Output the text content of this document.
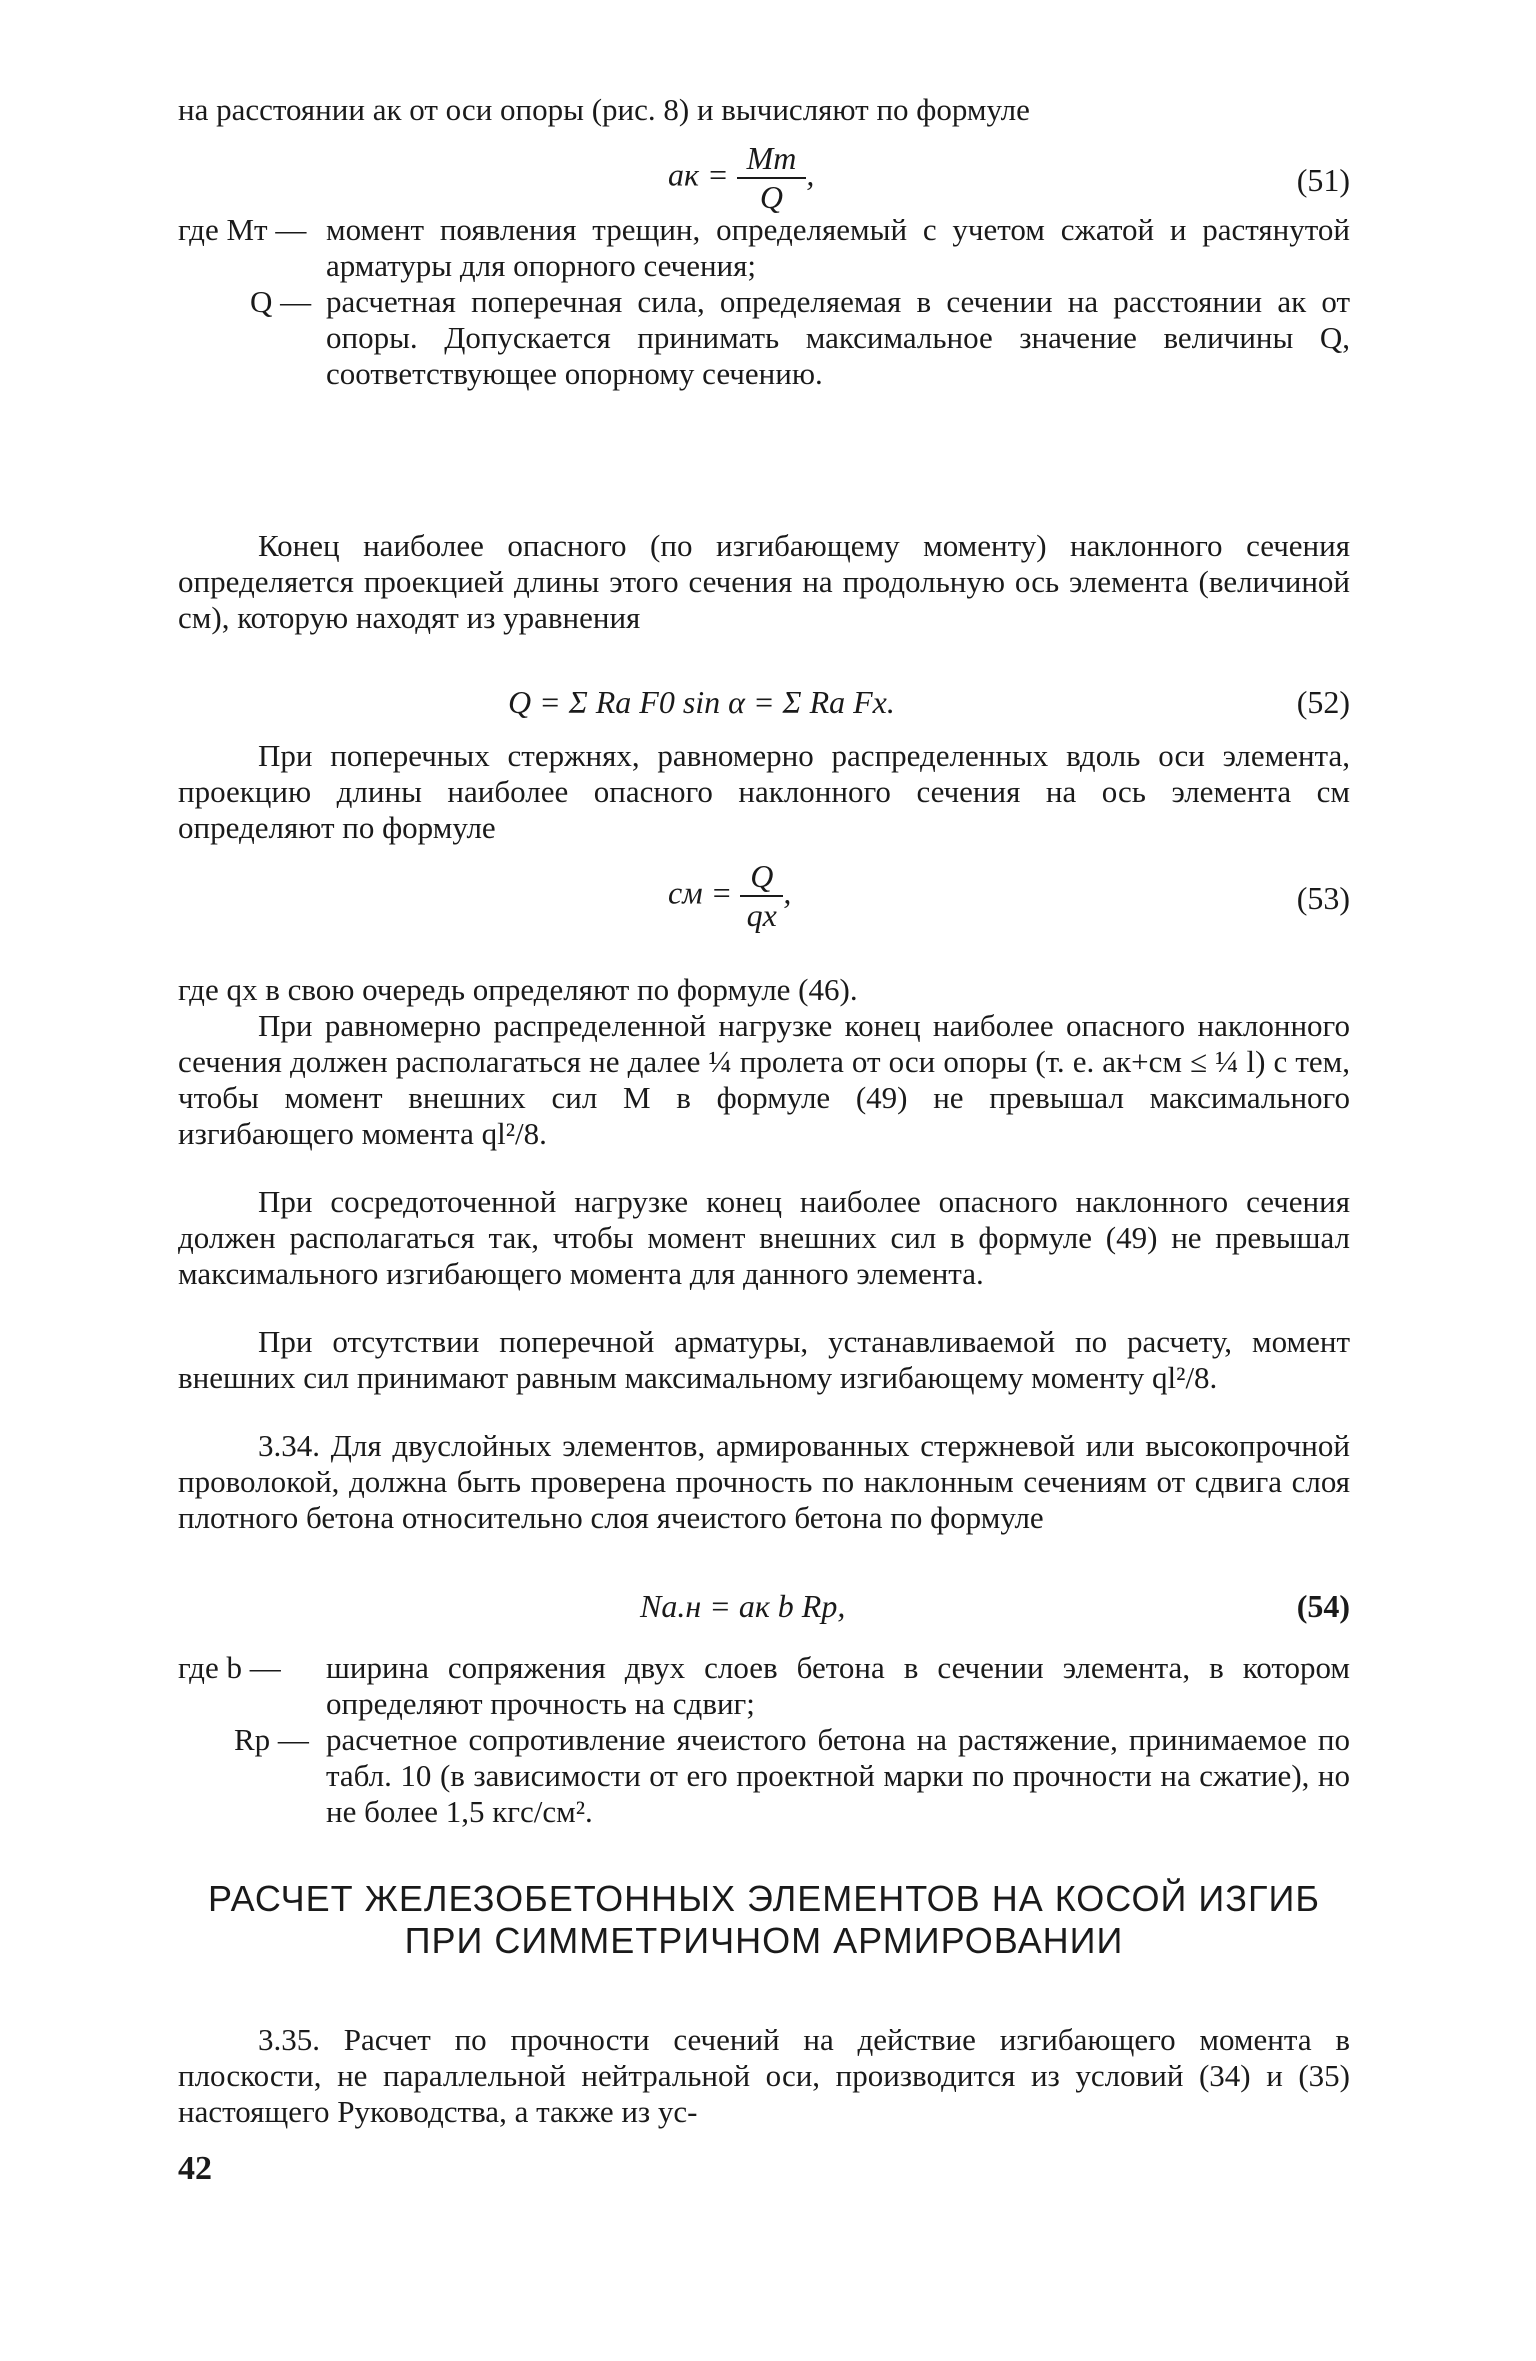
на расстоянии aк от оси опоры (рис. 8) и вычисляют по формуле

aк = $\frac{Mт}{Q}$ ,	(51)
где Mт — момент появления трещин, определяемый с учетом сжатой и растянутой арматуры для опорного сечения;
Q — расчетная поперечная сила, определяемая в сечении на расстоянии aк от опоры. Допускается принимать максимальное значение величины Q, соответствующее опорному сечению.

Конец наиболее опасного (по изгибающему моменту) наклонного сечения определяется проекцией длины этого сечения на продольную ось элемента (величиной cм), которую находят из уравнения

Q = Σ Rа F0 sin α = Σ Rа Fx.	(52)

При поперечных стержнях, равномерно распределенных вдоль оси элемента, проекцию длины наиболее опасного наклонного сечения на ось элемента cм определяют по формуле

cм = $\frac{Q}{qx}$ ,	(53)

где qx в свою очередь определяют по формуле (46).

При равномерно распределенной нагрузке конец наиболее опасного наклонного сечения должен располагаться не далее ¼ пролета от оси опоры (т. е. aк+cм ≤ ¼ l) с тем, чтобы момент внешних сил M в формуле (49) не превышал максимального изгибающего момента ql²/8.

При сосредоточенной нагрузке конец наиболее опасного наклонного сечения должен располагаться так, чтобы момент внешних сил в формуле (49) не превышал максимального изгибающего момента для данного элемента.

При отсутствии поперечной арматуры, устанавливаемой по расчету, момент внешних сил принимают равным максимальному изгибающему моменту ql²/8.

3.34. Для двуслойных элементов, армированных стержневой или высокопрочной проволокой, должна быть проверена прочность по наклонным сечениям от сдвига слоя плотного бетона относительно слоя ячеистого бетона по формуле

Nа.н = aк b Rр,	(54)
где b — ширина сопряжения двух слоев бетона в сечении элемента, в котором определяют прочность на сдвиг;
Rр — расчетное сопротивление ячеистого бетона на растяжение, принимаемое по табл. 10 (в зависимости от его проектной марки по прочности на сжатие), но не более 1,5 кгс/см².
РАСЧЕТ ЖЕЛЕЗОБЕТОННЫХ ЭЛЕМЕНТОВ НА КОСОЙ ИЗГИБ ПРИ СИММЕТРИЧНОМ АРМИРОВАНИИ

3.35. Расчет по прочности сечений на действие изгибающего момента в плоскости, не параллельной нейтральной оси, производится из условий (34) и (35) настоящего Руководства, а также из ус-

42
